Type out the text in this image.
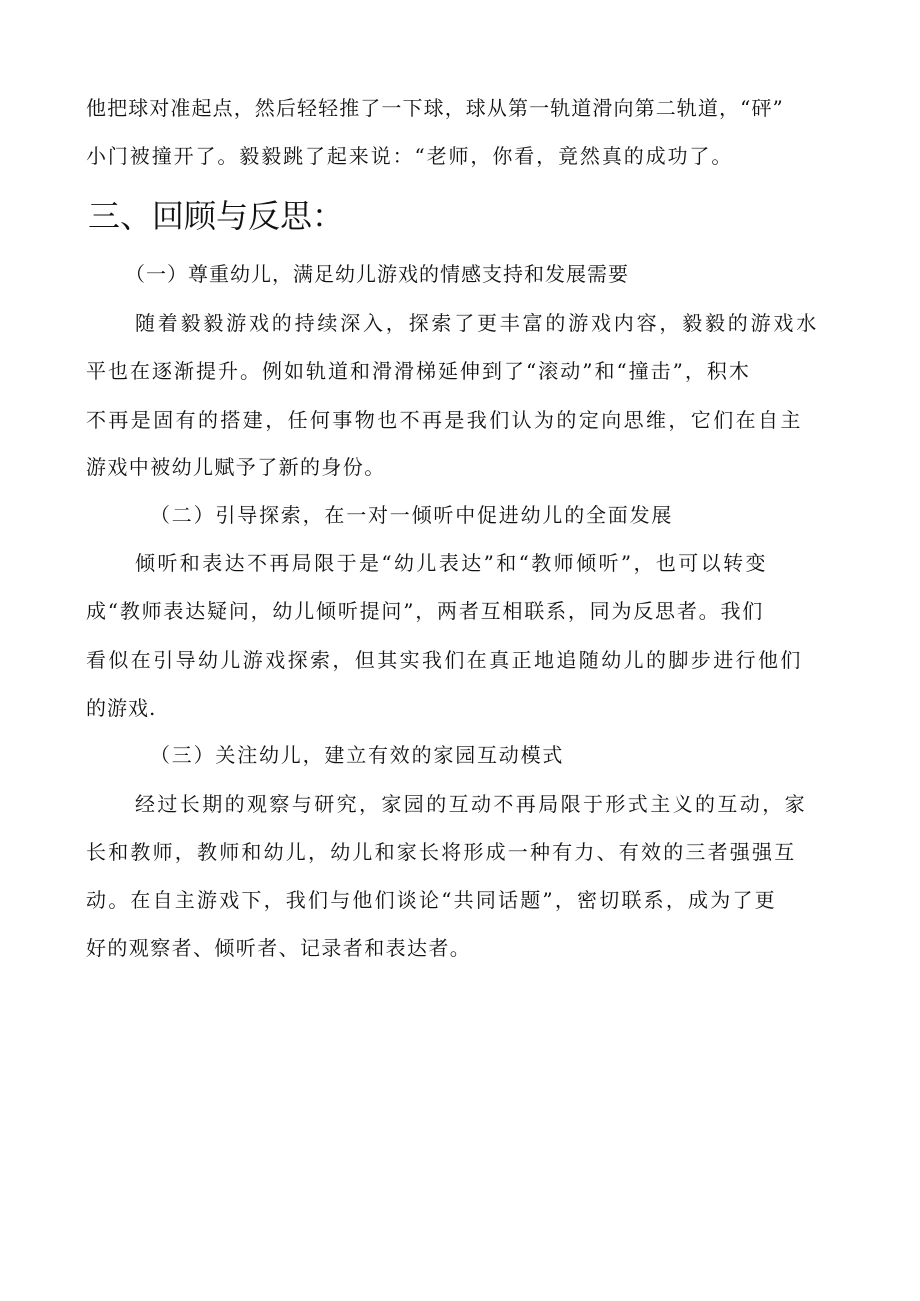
他把球对准起点，然后轻轻推了一下球，球从第一轨道滑向第二轨道，“砰”
小门被撞开了。毅毅跳了起来说：“老师，你看，竟然真的成功了。
三、回顾与反思：
（一）尊重幼儿，满足幼儿游戏的情感支持和发展需要
随着毅毅游戏的持续深入，探索了更丰富的游戏内容，毅毅的游戏水
平也在逐渐提升。例如轨道和滑滑梯延伸到了“滚动”和“撞击”，积木
不再是固有的搭建，任何事物也不再是我们认为的定向思维，它们在自主
游戏中被幼儿赋予了新的身份。
（二）引导探索，在一对一倾听中促进幼儿的全面发展
倾听和表达不再局限于是“幼儿表达”和“教师倾听”，也可以转变
成“教师表达疑问，幼儿倾听提问”，两者互相联系，同为反思者。我们
看似在引导幼儿游戏探索，但其实我们在真正地追随幼儿的脚步进行他们
的游戏.
（三）关注幼儿，建立有效的家园互动模式
经过长期的观察与研究，家园的互动不再局限于形式主义的互动，家
长和教师，教师和幼儿，幼儿和家长将形成一种有力、有效的三者强强互
动。在自主游戏下，我们与他们谈论“共同话题”，密切联系，成为了更
好的观察者、倾听者、记录者和表达者。
